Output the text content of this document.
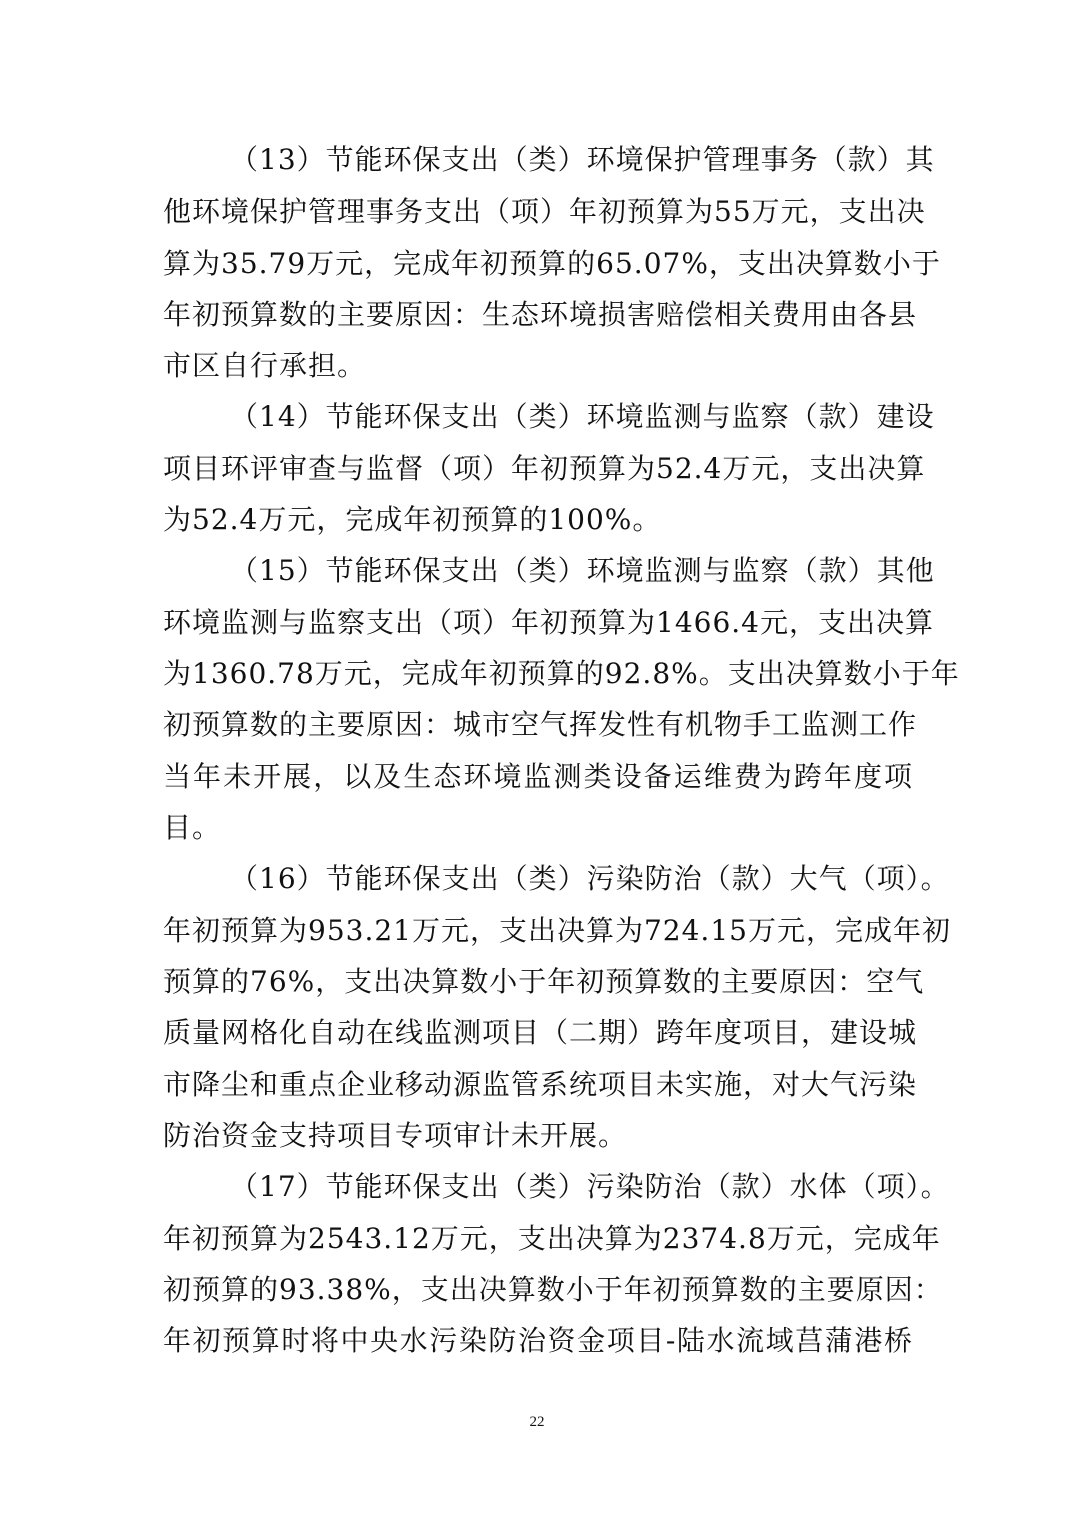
（13）节能环保支出（类）环境保护管理事务（款）其
他环境保护管理事务支出（项）年初预算为55万元，支出决
算为35.79万元，完成年初预算的65.07%，支出决算数小于
年初预算数的主要原因：生态环境损害赔偿相关费用由各县
市区自行承担。
（14）节能环保支出（类）环境监测与监察（款）建设
项目环评审查与监督（项）年初预算为52.4万元，支出决算
为52.4万元，完成年初预算的100%。
（15）节能环保支出（类）环境监测与监察（款）其他
环境监测与监察支出（项）年初预算为1466.4元，支出决算
为1360.78万元，完成年初预算的92.8%。支出决算数小于年
初预算数的主要原因：城市空气挥发性有机物手工监测工作
当年未开展，以及生态环境监测类设备运维费为跨年度项
目。
（16）节能环保支出（类）污染防治（款）大气（项）。
年初预算为953.21万元，支出决算为724.15万元，完成年初
预算的76%，支出决算数小于年初预算数的主要原因：空气
质量网格化自动在线监测项目（二期）跨年度项目，建设城
市降尘和重点企业移动源监管系统项目未实施，对大气污染
防治资金支持项目专项审计未开展。
（17）节能环保支出（类）污染防治（款）水体（项）。
年初预算为2543.12万元，支出决算为2374.8万元，完成年
初预算的93.38%，支出决算数小于年初预算数的主要原因：
年初预算时将中央水污染防治资金项目-陆水流域莒蒲港桥
22
